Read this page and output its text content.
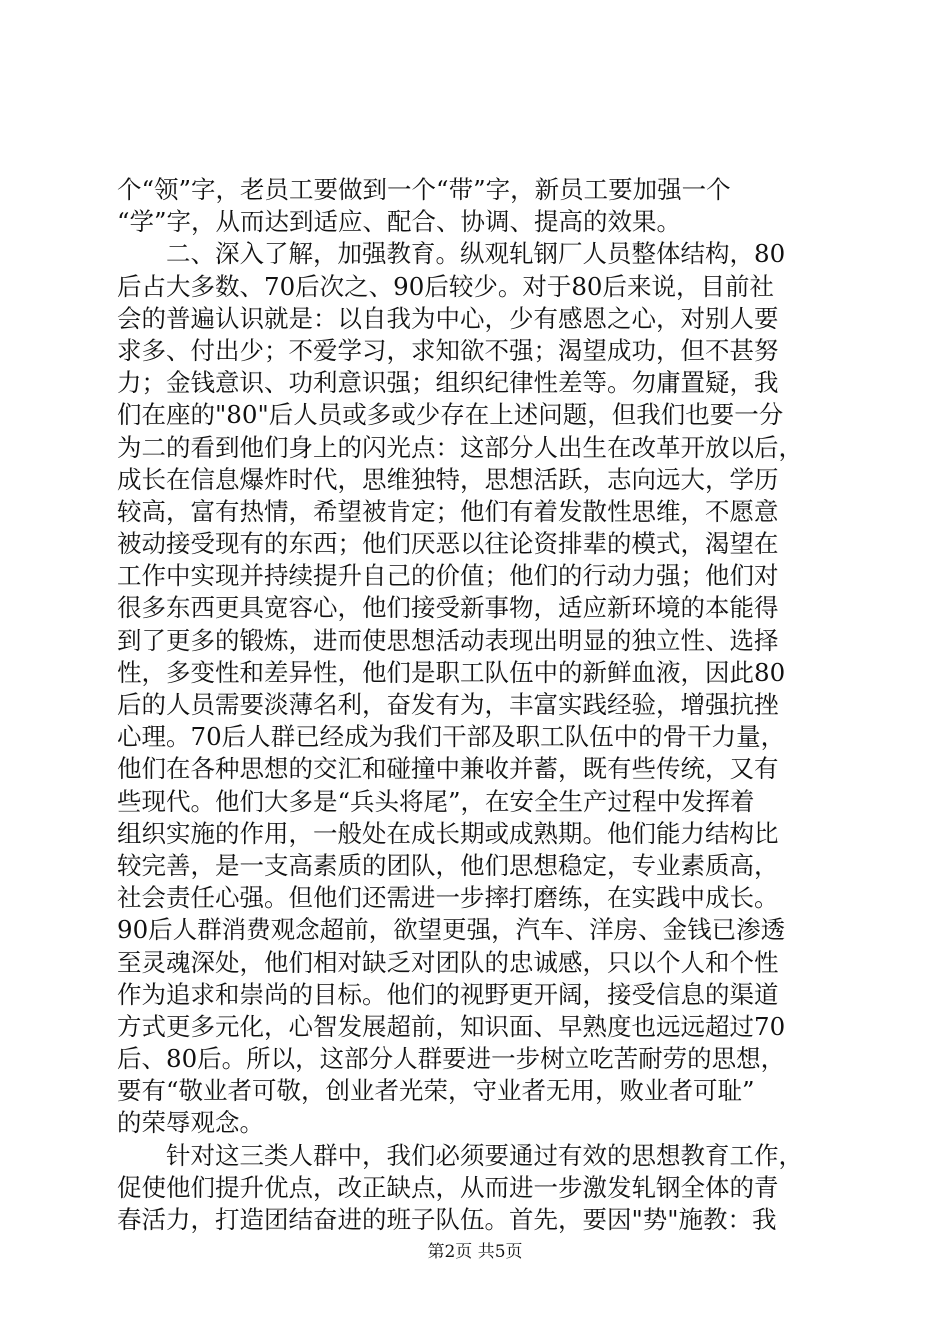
个“领”字，老员工要做到一个“带”字，新员工要加强一个
“学”字，从而达到适应、配合、协调、提高的效果。
　　二、深入了解，加强教育。纵观轧钢厂人员整体结构，80
后占大多数、70后次之、90后较少。对于80后来说，目前社
会的普遍认识就是：以自我为中心，少有感恩之心，对别人要
求多、付出少；不爱学习，求知欲不强；渴望成功，但不甚努
力；金钱意识、功利意识强；组织纪律性差等。勿庸置疑，我
们在座的"80"后人员或多或少存在上述问题，但我们也要一分
为二的看到他们身上的闪光点：这部分人出生在改革开放以后，
成长在信息爆炸时代，思维独特，思想活跃，志向远大，学历
较高，富有热情，希望被肯定；他们有着发散性思维，不愿意
被动接受现有的东西；他们厌恶以往论资排辈的模式，渴望在
工作中实现并持续提升自己的价值；他们的行动力强；他们对
很多东西更具宽容心，他们接受新事物，适应新环境的本能得
到了更多的锻炼，进而使思想活动表现出明显的独立性、选择
性，多变性和差异性，他们是职工队伍中的新鲜血液，因此80
后的人员需要淡薄名利，奋发有为，丰富实践经验，增强抗挫
心理。70后人群已经成为我们干部及职工队伍中的骨干力量，
他们在各种思想的交汇和碰撞中兼收并蓄，既有些传统，又有
些现代。他们大多是“兵头将尾”，在安全生产过程中发挥着
组织实施的作用，一般处在成长期或成熟期。他们能力结构比
较完善，是一支高素质的团队，他们思想稳定，专业素质高，
社会责任心强。但他们还需进一步摔打磨练，在实践中成长。
90后人群消费观念超前，欲望更强，汽车、洋房、金钱已渗透
至灵魂深处，他们相对缺乏对团队的忠诚感，只以个人和个性
作为追求和崇尚的目标。他们的视野更开阔，接受信息的渠道
方式更多元化，心智发展超前，知识面、早熟度也远远超过70
后、80后。所以，这部分人群要进一步树立吃苦耐劳的思想，
要有“敬业者可敬，创业者光荣，守业者无用，败业者可耻”
的荣辱观念。
　　针对这三类人群中，我们必须要通过有效的思想教育工作，
促使他们提升优点，改正缺点，从而进一步激发轧钢全体的青
春活力，打造团结奋进的班子队伍。首先，要因"势"施教：我
第2页 共5页
